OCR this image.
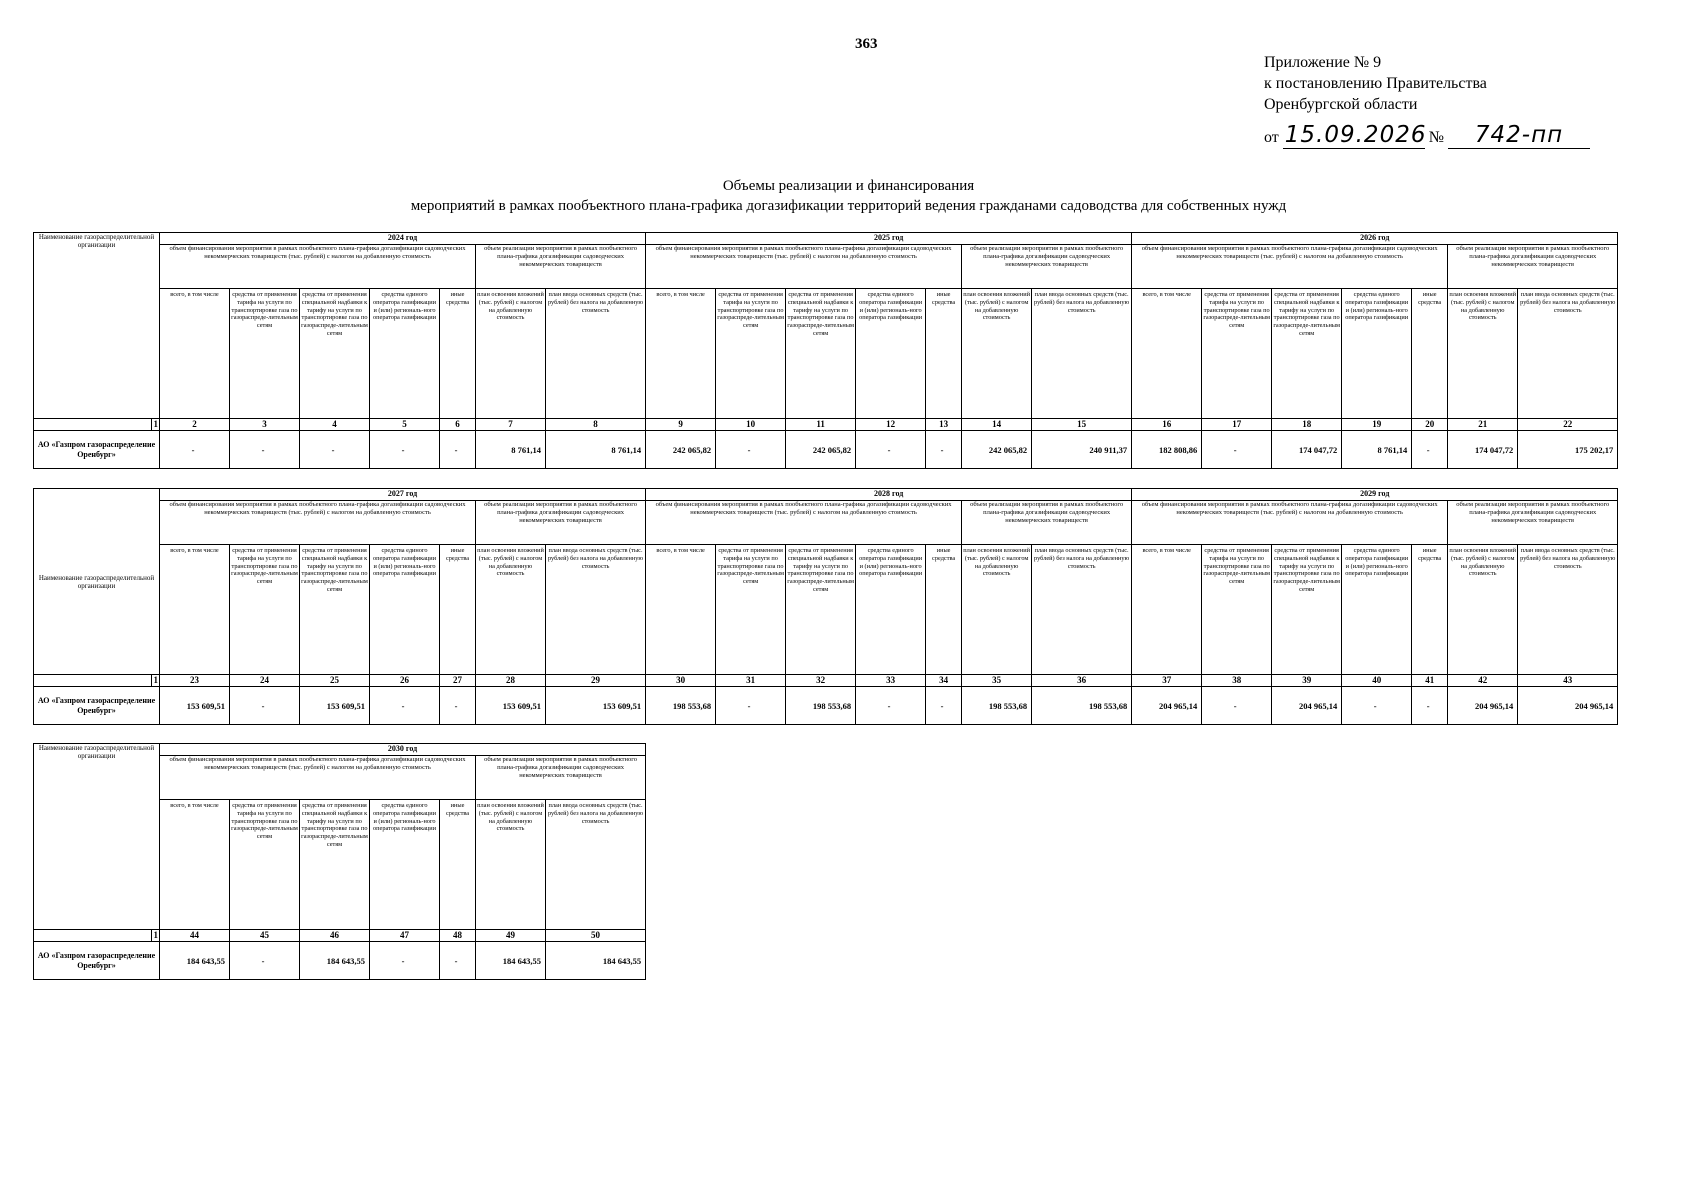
363
Приложение № 9
к постановлению Правительства
Оренбургской области
от 15.09.2026 № 742-пп
Объемы реализации и финансирования
мероприятий в рамках пообъектного плана-графика догазификации территорий ведения гражданами садоводства для собственных нужд
Наименование газораспределительной организации		2024 год							2025 год							2026 год						
		объем финансирования мероприятия в рамках пообъектного плана-графика догазификации садоводческих некоммерческих товариществ (тыс. рублей) с налогом на добавленную стоимость					объем реализации мероприятия в рамках пообъектного плана-графика догазификации садоводческих некоммерческих товариществ		объем финансирования мероприятия в рамках пообъектного плана-графика догазификации садоводческих некоммерческих товариществ (тыс. рублей) с налогом на добавленную стоимость					объем реализации мероприятия в рамках пообъектного плана-графика догазификации садоводческих некоммерческих товариществ		объем финансирования мероприятия в рамках пообъектного плана-графика догазификации садоводческих некоммерческих товариществ (тыс. рублей) с налогом на добавленную стоимость					объем реализации мероприятия в рамках пообъектного плана-графика догазификации садоводческих некоммерческих товариществ	
		всего, в том числе	средства от применения тарифа на услуги по транспортировке газа по газораспреде-лительным сетям	средства от применения специальной надбавки к тарифу на услуги по транспортировке газа по газораспреде-лительным сетям	средства единого оператора газификации и (или) региональ-ного оператора газификации	иные средства	план освоения вложений (тыс. рублей) с налогом на добавленную стоимость	план ввода основных средств (тыс. рублей) без налога на добавленную стоимость	всего, в том числе	средства от применения тарифа на услуги по транспортировке газа по газораспреде-лительным сетям	средства от применения специальной надбавки к тарифу на услуги по транспортировке газа по газораспреде-лительным сетям	средства единого оператора газификации и (или) региональ-ного оператора газификации	иные средства	план освоения вложений (тыс. рублей) с налогом на добавленную стоимость	план ввода основных средств (тыс. рублей) без налога на добавленную стоимость	всего, в том числе	средства от применения тарифа на услуги по транспортировке газа по газораспреде-лительным сетям	средства от применения специальной надбавки к тарифу на услуги по транспортировке газа по газораспреде-лительным сетям	средства единого оператора газификации и (или) региональ-ного оператора газификации	иные средства	план освоения вложений (тыс. рублей) с налогом на добавленную стоимость	план ввода основных средств (тыс. рублей) без налога на добавленную стоимость
	1	2	3	4	5	6	7	8	9	10	11	12	13	14	15	16	17	18	19	20	21	22
АО «Газпром газораспределение Оренбург»		-	-	-	-	-	8 761,14	8 761,14	242 065,82	-	242 065,82	-	-	242 065,82	240 911,37	182 808,86	-	174 047,72	8 761,14	-	174 047,72	175 202,17
Наименование газораспределительной организации		2027 год							2028 год							2029 год						
		объем финансирования мероприятия в рамках пообъектного плана-графика догазификации садоводческих некоммерческих товариществ (тыс. рублей) с налогом на добавленную стоимость					объем реализации мероприятия в рамках пообъектного плана-графика догазификации садоводческих некоммерческих товариществ		объем финансирования мероприятия в рамках пообъектного плана-графика догазификации садоводческих некоммерческих товариществ (тыс. рублей) с налогом на добавленную стоимость					объем реализации мероприятия в рамках пообъектного плана-графика догазификации садоводческих некоммерческих товариществ		объем финансирования мероприятия в рамках пообъектного плана-графика догазификации садоводческих некоммерческих товариществ (тыс. рублей) с налогом на добавленную стоимость					объем реализации мероприятия в рамках пообъектного плана-графика догазификации садоводческих некоммерческих товариществ	
		всего, в том числе	средства от применения тарифа на услуги по транспортировке газа по газораспреде-лительным сетям	средства от применения специальной надбавки к тарифу на услуги по транспортировке газа по газораспреде-лительным сетям	средства единого оператора газификации и (или) региональ-ного оператора газификации	иные средства	план освоения вложений (тыс. рублей) с налогом на добавленную стоимость	план ввода основных средств (тыс. рублей) без налога на добавленную стоимость	всего, в том числе	средства от применения тарифа на услуги по транспортировке газа по газораспреде-лительным сетям	средства от применения специальной надбавки к тарифу на услуги по транспортировке газа по газораспреде-лительным сетям	средства единого оператора газификации и (или) региональ-ного оператора газификации	иные средства	план освоения вложений (тыс. рублей) с налогом на добавленную стоимость	план ввода основных средств (тыс. рублей) без налога на добавленную стоимость	всего, в том числе	средства от применения тарифа на услуги по транспортировке газа по газораспреде-лительным сетям	средства от применения специальной надбавки к тарифу на услуги по транспортировке газа по газораспреде-лительным сетям	средства единого оператора газификации и (или) региональ-ного оператора газификации	иные средства	план освоения вложений (тыс. рублей) с налогом на добавленную стоимость	план ввода основных средств (тыс. рублей) без налога на добавленную стоимость
	1	23	24	25	26	27	28	29	30	31	32	33	34	35	36	37	38	39	40	41	42	43
АО «Газпром газораспределение Оренбург»		153 609,51	-	153 609,51	-	-	153 609,51	153 609,51	198 553,68	-	198 553,68	-	-	198 553,68	198 553,68	204 965,14	-	204 965,14	-	-	204 965,14	204 965,14
Наименование газораспределительной организации		2030 год						
		объем финансирования мероприятия в рамках пообъектного плана-графика догазификации садоводческих некоммерческих товариществ (тыс. рублей) с налогом на добавленную стоимость					объем реализации мероприятия в рамках пообъектного плана-графика догазификации садоводческих некоммерческих товариществ	
		всего, в том числе	средства от применения тарифа на услуги по транспортировке газа по газораспреде-лительным сетям	средства от применения специальной надбавки к тарифу на услуги по транспортировке газа по газораспреде-лительным сетям	средства единого оператора газификации и (или) региональ-ного оператора газификации	иные средства	план освоения вложений (тыс. рублей) с налогом на добавленную стоимость	план ввода основных средств (тыс. рублей) без налога на добавленную стоимость
	1	44	45	46	47	48	49	50
АО «Газпром газораспределение Оренбург»		184 643,55	-	184 643,55	-	-	184 643,55	184 643,55
